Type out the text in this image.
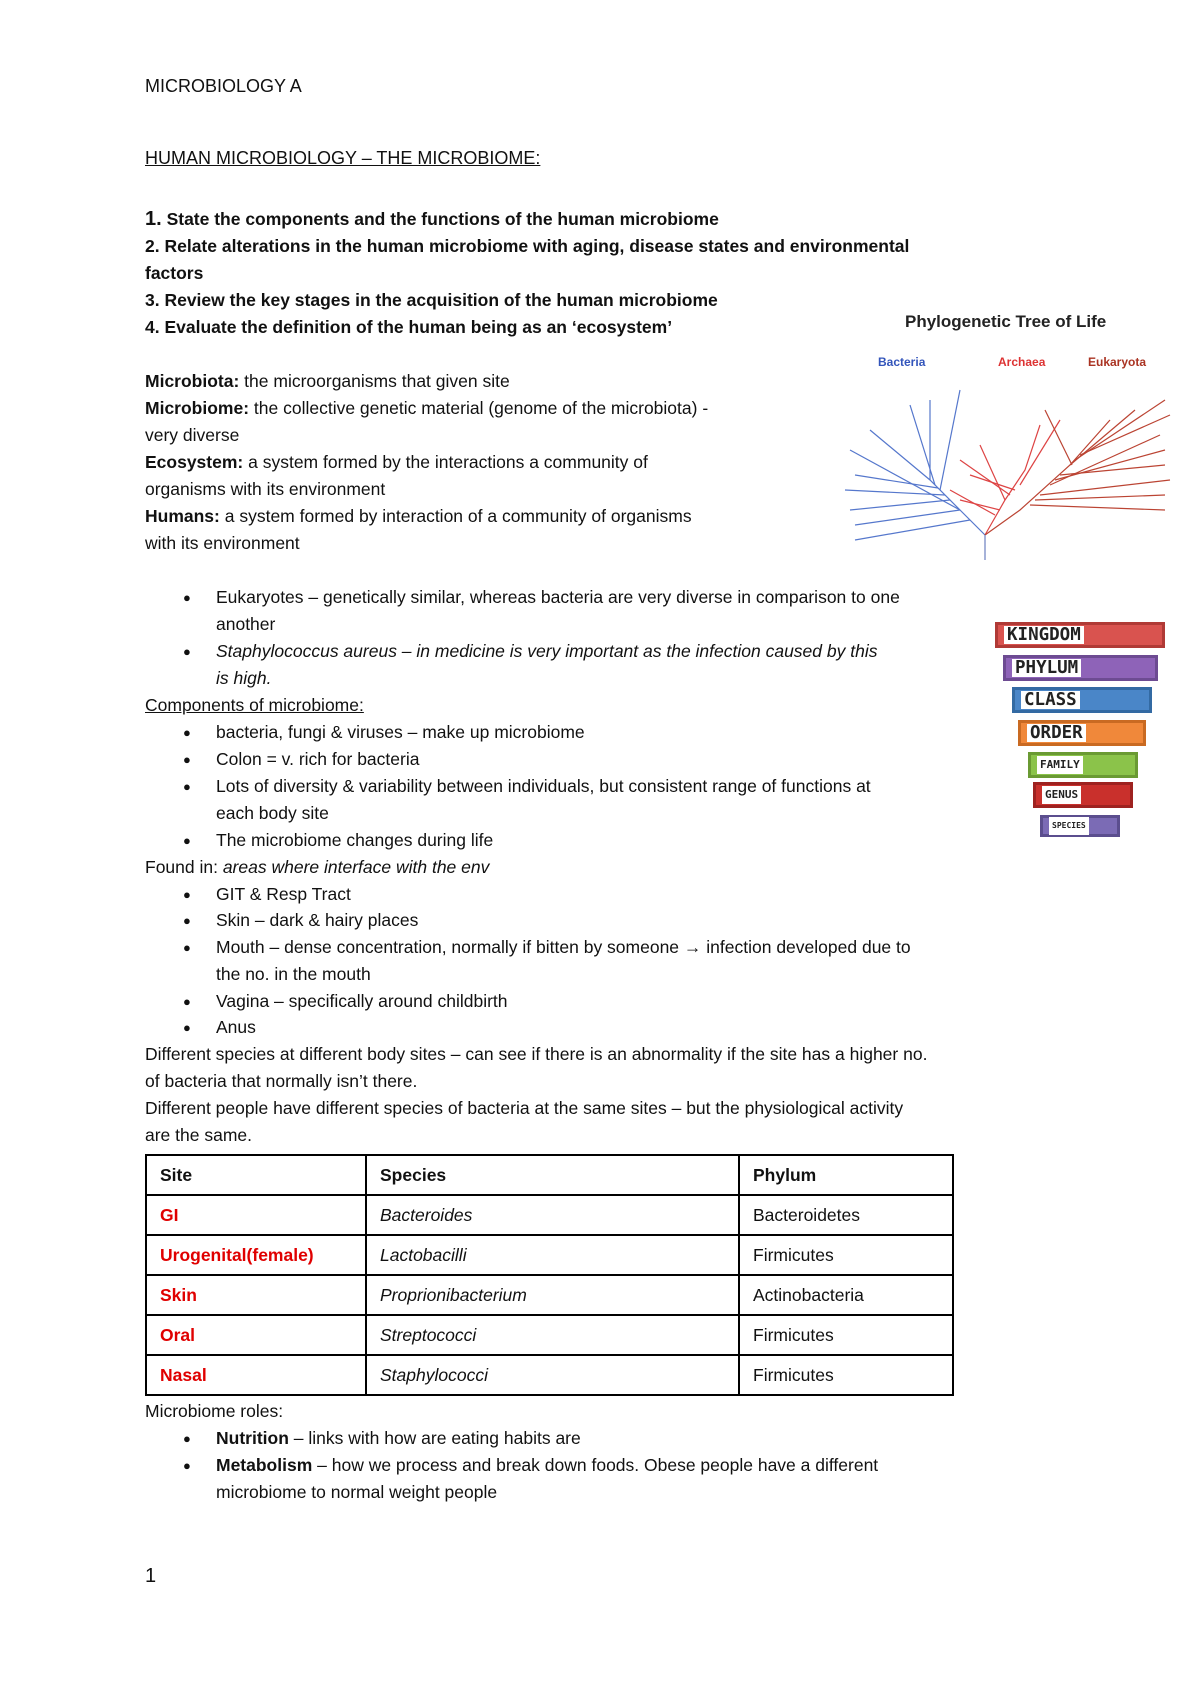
MICROBIOLOGY A
HUMAN MICROBIOLOGY – THE MICROBIOME:
1. State the components and the functions of the human microbiome
2. Relate alterations in the human microbiome with aging, disease states and environmental
factors
3. Review the key stages in the acquisition of the human microbiome
4. Evaluate the definition of the human being as an ‘ecosystem’
Microbiota: the microorganisms that given site
Microbiome: the collective genetic material (genome of the microbiota) -
very diverse
Ecosystem: a system formed by the interactions a community of
organisms with its environment
Humans: a system formed by interaction of a community of organisms
with its environment
Phylogenetic Tree of Life
Bacteria	Archaea	Eukaryota
KINGDOM
PHYLUM
CLASS
ORDER
FAMILY
GENUS
SPECIES
● Eukaryotes – genetically similar, whereas bacteria are very diverse in comparison to one
another
● Staphylococcus aureus – in medicine is very important as the infection caused by this
is high.
Components of microbiome:
● bacteria, fungi & viruses – make up microbiome
● Colon = v. rich for bacteria
● Lots of diversity & variability between individuals, but consistent range of functions at
each body site
● The microbiome changes during life
Found in: areas where interface with the env
● GIT & Resp Tract
● Skin – dark & hairy places
● Mouth – dense concentration, normally if bitten by someone → infection developed due to
the no. in the mouth
● Vagina – specifically around childbirth
● Anus
Different species at different body sites – can see if there is an abnormality if the site has a higher no.
of bacteria that normally isn’t there.
Different people have different species of bacteria at the same sites – but the physiological activity
are the same.
Site	Species	Phylum
GI	Bacteroides	Bacteroidetes
Urogenital(female)	Lactobacilli	Firmicutes
Skin	Proprionibacterium	Actinobacteria
Oral	Streptococci	Firmicutes
Nasal	Staphylococci	Firmicutes
Microbiome roles:
● Nutrition – links with how are eating habits are
● Metabolism – how we process and break down foods. Obese people have a different
microbiome to normal weight people
1
